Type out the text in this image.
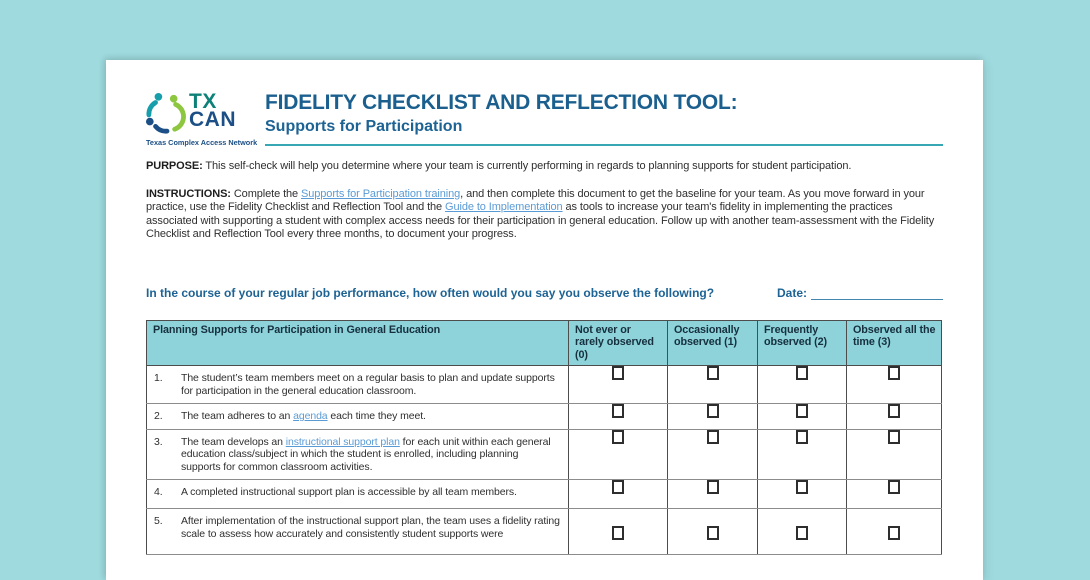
TX
CAN
Texas Complex Access Network
FIDELITY CHECKLIST AND REFLECTION TOOL:
Supports for Participation

PURPOSE: This self-check will help you determine where your team is currently performing in regards to planning supports for student participation.

INSTRUCTIONS: Complete the Supports for Participation training, and then complete this document to get the baseline for your team. As you move forward in your practice, use the Fidelity Checklist and Reflection Tool and the Guide to Implementation as tools to increase your team's fidelity in implementing the practices associated with supporting a student with complex access needs for their participation in general education. Follow up with another team-assessment with the Fidelity Checklist and Reflection Tool every three months, to document your progress.

In the course of your regular job performance, how often would you say you observe the following?	Date:
Planning Supports for Participation in General Education	Not ever or rarely observed (0)	Occasionally observed (1)	Frequently observed (2)	Observed all the time (3)

1. The student’s team members meet on a regular basis to plan and update supports for participation in the general education classroom.				

2. The team adheres to an agenda each time they meet.				

3. The team develops an instructional support plan for each unit within each general education class/subject in which the student is enrolled, including planning supports for common classroom activities.				

4. A completed instructional support plan is accessible by all team members.				

5. After implementation of the instructional support plan, the team uses a fidelity rating scale to assess how accurately and consistently student supports were				
